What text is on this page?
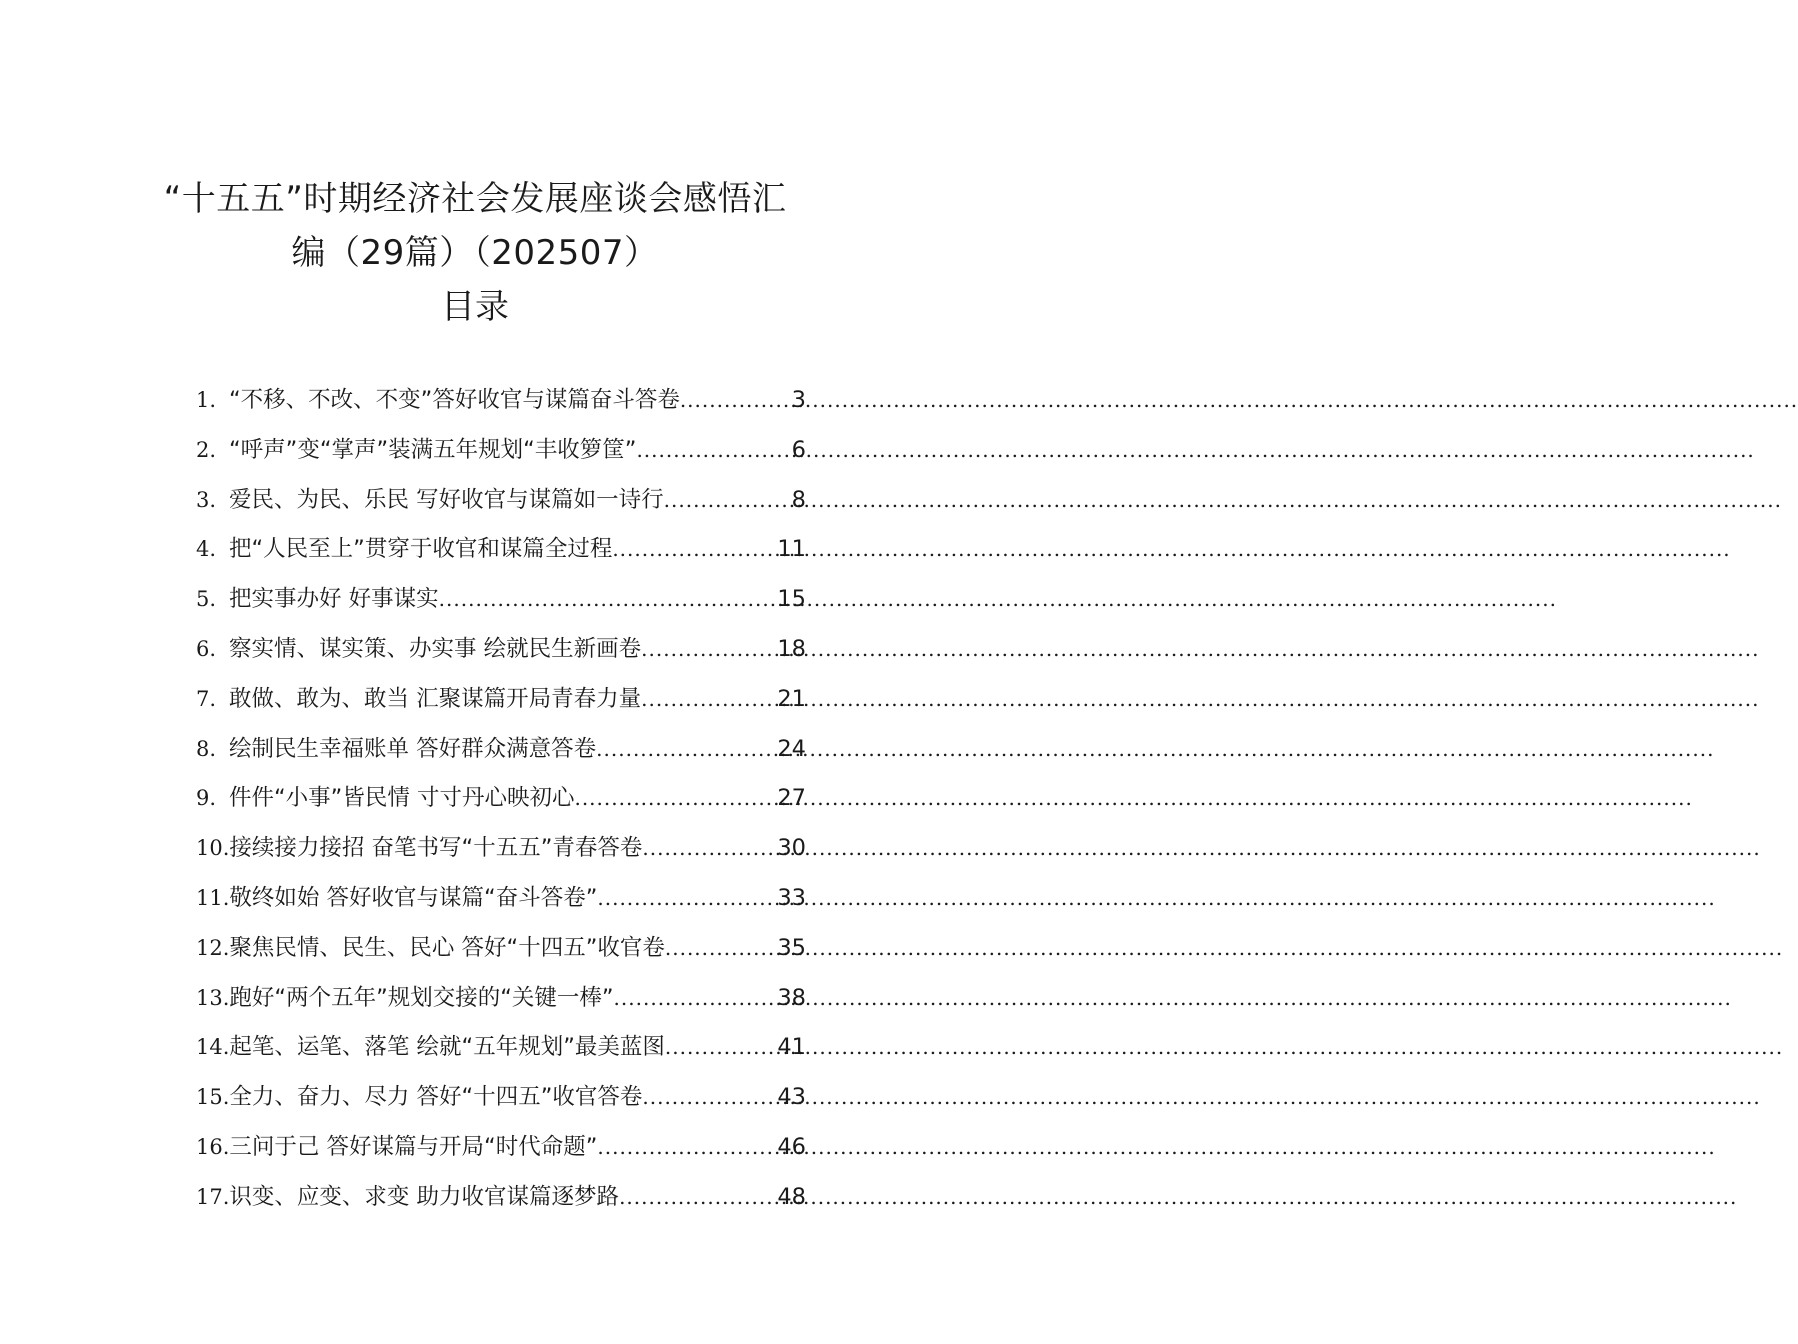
“十五五”时期经济社会发展座谈会感悟汇
编（29篇）（202507）
目录
1. “不移、不改、不变”答好收官与谋篇奋斗答卷 .....	3
2. “呼声”变“掌声”装满五年规划“丰收箩筐” .....	6
3. 爱民、为民、乐民 写好收官与谋篇如一诗行 .....	8
4. 把“人民至上”贯穿于收官和谋篇全过程 .....	11
5. 把实事办好 好事谋实 .....	15
6. 察实情、谋实策、办实事 绘就民生新画卷 .....	18
7. 敢做、敢为、敢当 汇聚谋篇开局青春力量 .....	21
8. 绘制民生幸福账单 答好群众满意答卷 .....	24
9. 件件“小事”皆民情 寸寸丹心映初心 .....	27
10. 接续接力接招 奋笔书写“十五五”青春答卷 .....	30
11. 敬终如始 答好收官与谋篇“奋斗答卷” .....	33
12. 聚焦民情、民生、民心 答好“十四五”收官卷 .....	35
13. 跑好“两个五年”规划交接的“关键一棒” .....	38
14. 起笔、运笔、落笔 绘就“五年规划”最美蓝图 .....	41
15. 全力、奋力、尽力 答好“十四五”收官答卷 .....	43
16. 三问于己 答好谋篇与开局“时代命题” .....	46
17. 识变、应变、求变 助力收官谋篇逐梦路 .....	48
